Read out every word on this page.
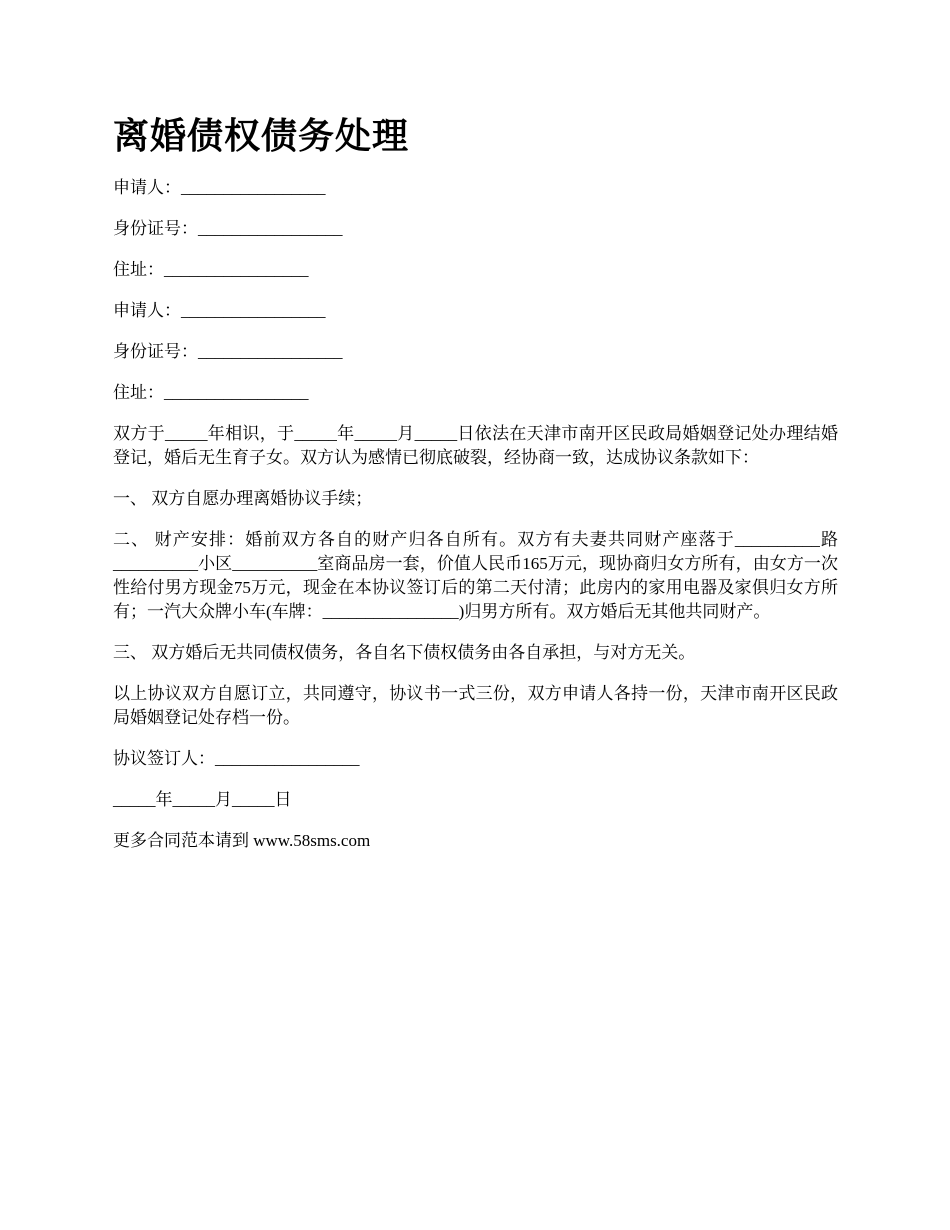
离婚债权债务处理

申请人：_________________

身份证号：_________________

住址：_________________

申请人：_________________

身份证号：_________________

住址：_________________

双方于_____年相识，于_____年_____月_____日依法在天津市南开区民政局婚姻登记处办理结婚登记，婚后无生育子女。双方认为感情已彻底破裂，经协商一致，达成协议条款如下：

一、 双方自愿办理离婚协议手续；

二、 财产安排：婚前双方各自的财产归各自所有。双方有夫妻共同财产座落于__________路__________小区__________室商品房一套，价值人民币165万元，现协商归女方所有，由女方一次性给付男方现金75万元，现金在本协议签订后的第二天付清；此房内的家用电器及家俱归女方所有；一汽大众牌小车(车牌：________________)归男方所有。双方婚后无其他共同财产。

三、 双方婚后无共同债权债务，各自名下债权债务由各自承担，与对方无关。

以上协议双方自愿订立，共同遵守，协议书一式三份，双方申请人各持一份，天津市南开区民政局婚姻登记处存档一份。

协议签订人：_________________

_____年_____月_____日

更多合同范本请到 www.58sms.com
